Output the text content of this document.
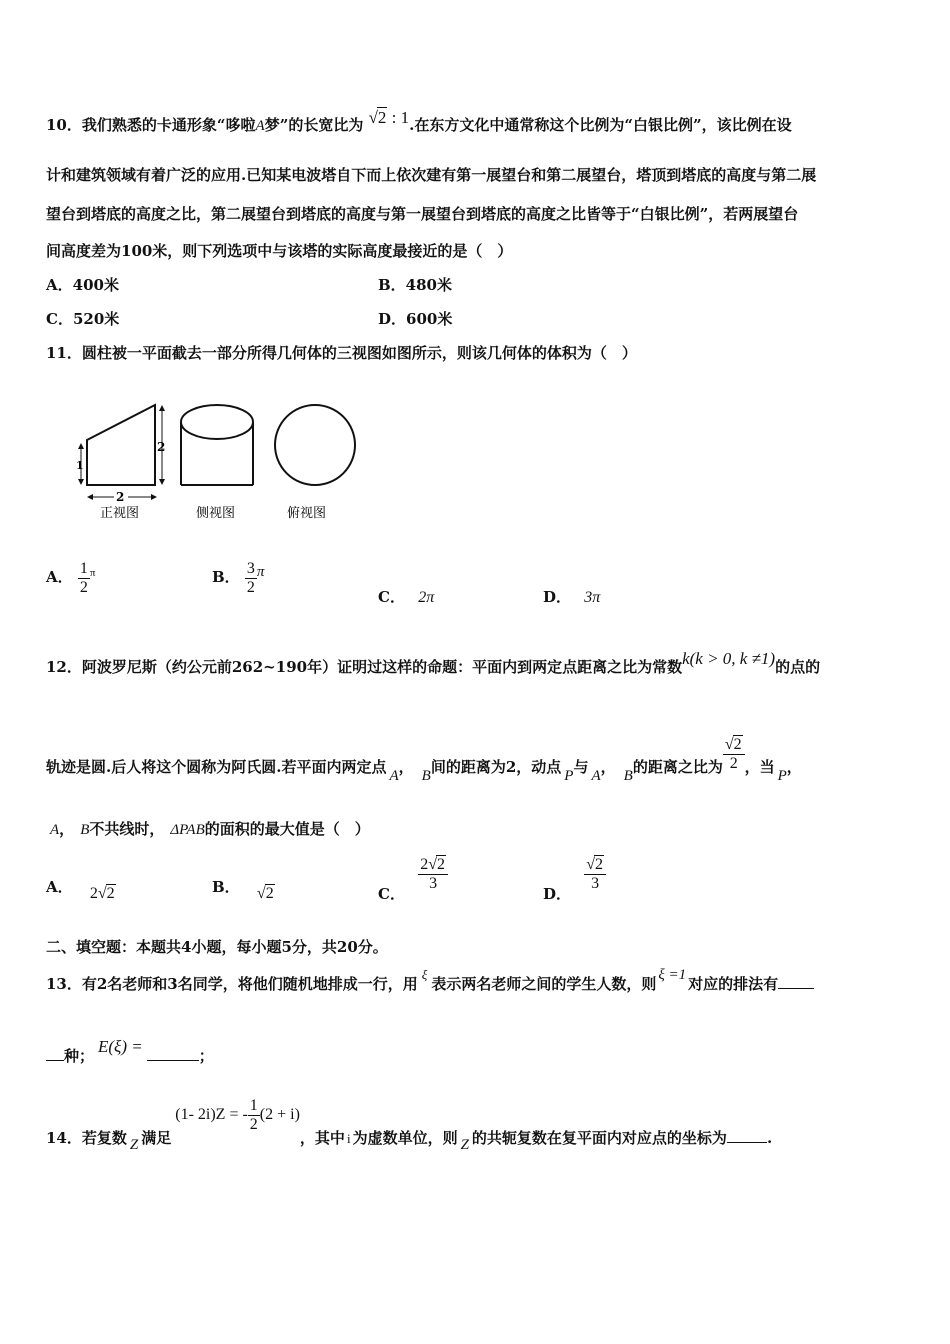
10．我们熟悉的卡通形象“哆啦A梦”的长宽比为 √2 : 1.在东方文化中通常称这个比例为“白银比例”，该比例在设
计和建筑领域有着广泛的应用.已知某电波塔自下而上依次建有第一展望台和第二展望台，塔顶到塔底的高度与第二展
望台到塔底的高度之比，第二展望台到塔底的高度与第一展望台到塔底的高度之比皆等于“白银比例”，若两展望台
间高度差为100米，则下列选项中与该塔的实际高度最接近的是（　）
A．400米	B．480米
C．520米	D．600米
11．圆柱被一平面截去一部分所得几何体的三视图如图所示，则该几何体的体积为（　）
1
2
2
正视图	侧视图	俯视图
A． $\frac{1}{2} ^\pi$	B． $\frac{3}{2}$ π
C． 2π	D． 3π
12．阿波罗尼斯（约公元前262~190年）证明过这样的命题：平面内到两定点距离之比为常数k(k > 0, k ≠1)的点的
轨迹是圆.后人将这个圆称为阿氏圆.若平面内两定点 A， B间的距离为2，动点 P与 A， B的距离之比为 $\frac{√2}{2}$ ，当 P，
A， B不共线时， ΔPAB的面积的最大值是（　）
A． 2√2	B． √2	C．
$\frac{2√2}{3}$
D．
$\frac{√2}{3}$
二、填空题：本题共4小题，每小题5分，共20分。
13．有2名老师和3名同学，将他们随机地排成一行，用ξ表示两名老师之间的学生人数，则 ξ =1 对应的排法有
种； E(ξ) =	；
14．若复数 Z 满足(1- 2i)Z = - $\frac{1}{2} (2 + i)$，其中 i 为虚数单位，则 Z 的共轭复数在复平面内对应点的坐标为	.
